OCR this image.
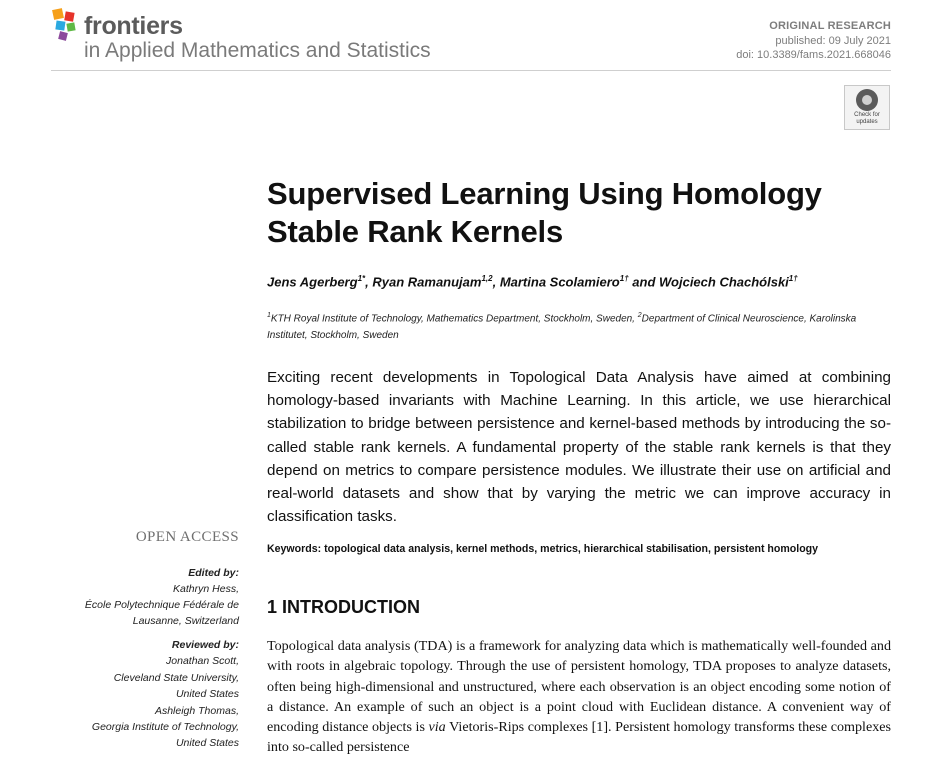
frontiers
in Applied Mathematics and Statistics
ORIGINAL RESEARCH
published: 09 July 2021
doi: 10.3389/fams.2021.668046
Check for
updates
Supervised Learning Using Homology Stable Rank Kernels
Jens Agerberg$^{1*}$, Ryan Ramanujam$^{1,2}$, Martina Scolamiero$^{1\dagger}$ and Wojciech Chachólski$^{1\dagger}$
$^1$KTH Royal Institute of Technology, Mathematics Department, Stockholm, Sweden, $^2$Department of Clinical Neuroscience, Karolinska Institutet, Stockholm, Sweden
Exciting recent developments in Topological Data Analysis have aimed at combining homology-based invariants with Machine Learning. In this article, we use hierarchical stabilization to bridge between persistence and kernel-based methods by introducing the so-called stable rank kernels. A fundamental property of the stable rank kernels is that they depend on metrics to compare persistence modules. We illustrate their use on artificial and real-world datasets and show that by varying the metric we can improve accuracy in classification tasks.
Keywords: topological data analysis, kernel methods, metrics, hierarchical stabilisation, persistent homology
OPEN ACCESS
Edited by:
Kathryn Hess,
École Polytechnique Fédérale de
Lausanne, Switzerland
Reviewed by:
Jonathan Scott,
Cleveland State University,
United States
Ashleigh Thomas,
Georgia Institute of Technology,
United States
1 INTRODUCTION
Topological data analysis (TDA) is a framework for analyzing data which is mathematically well-founded and with roots in algebraic topology. Through the use of persistent homology, TDA proposes to analyze datasets, often being high-dimensional and unstructured, where each observation is an object encoding some notion of a distance. An example of such an object is a point cloud with Euclidean distance. A convenient way of encoding distance objects is via Vietoris-Rips complexes [1]. Persistent homology transforms these complexes into so-called persistence
